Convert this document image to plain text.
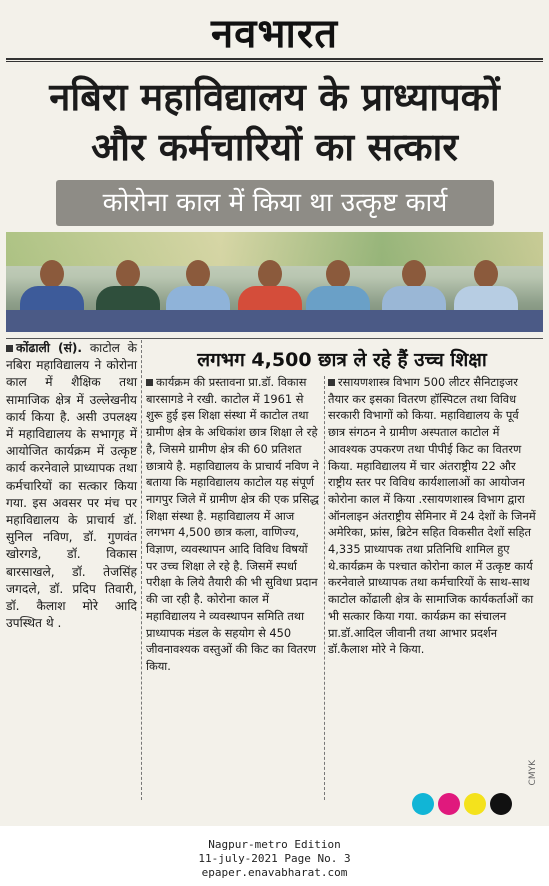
नवभारत
नबिरा महाविद्यालय के प्राध्यापकों
और कर्मचारियों का सत्कार
कोरोना काल में किया था उत्कृष्ट कार्य

कोंढाली (सं). काटोल के नबिरा महाविद्यालय ने कोरोना काल में शैक्षिक तथा सामाजिक क्षेत्र में उल्लेखनीय कार्य किया है. असी उपलक्ष्य में महाविद्यालय के सभागृह में आयोजित कार्यक्रम में उत्कृष्ट कार्य करनेवाले प्राध्यापक तथा कर्मचारियों का सत्कार किया गया. इस अवसर पर मंच पर महाविद्यालय के प्राचार्य डॉ. सुनिल नविण, डॉ. गुणवंत खोरगडे, डॉ. विकास बारसाखले, डॉ. तेजसिंह जगदले, डॉ. प्रदिप तिवारी, डॉ. कैलाश मोरे आदि उपस्थित थे .

लगभग 4,500 छात्र ले रहे हैं उच्च शिक्षा

कार्यक्रम की प्रस्तावना प्रा.डॉ. विकास बारसागडे ने रखी. काटोल में 1961 से शुरू हुई इस शिक्षा संस्था में काटोल तथा ग्रामीण क्षेत्र के अधिकांश छात्र शिक्षा ले रहे है, जिसमे ग्रामीण क्षेत्र की 60 प्रतिशत छात्राये है. महाविद्यालय के प्राचार्य नविण ने बताया कि महाविद्यालय काटोल यह संपूर्ण नागपुर जिले में ग्रामीण क्षेत्र की एक प्रसिद्ध शिक्षा संस्था है. महाविद्यालय में आज लगभग 4,500 छात्र कला, वाणिज्य, विज्ञाण, व्यवस्थापन आदि विविध विषयों पर उच्च शिक्षा ले रहे है. जिसमें स्पर्धा परीक्षा के लिये तैयारी की भी सुविधा प्रदान की जा रही है. कोरोना काल में महाविद्यालय ने व्यवस्थापन समिति तथा प्राध्यापक मंडल के सहयोग से 450 जीवनावश्यक वस्तुओं की किट का वितरण किया.

रसायणशास्त्र विभाग 500 लीटर सैनिटाइजर तैयार कर इसका वितरण हॉस्पिटल तथा विविध सरकारी विभागों को किया. महाविद्यालय के पूर्व छात्र संगठन ने ग्रामीण अस्पताल काटोल में आवश्यक उपकरण तथा पीपीई किट का वितरण किया. महाविद्यालय में चार अंतराष्ट्रीय 22 और राष्ट्रीय स्तर पर विविध कार्यशालाओं का आयोजन कोरोना काल में किया .रसायणशास्त्र विभाग द्वारा ऑनलाइन अंतराष्ट्रीय सेमिनार में 24 देशों के जिनमें अमेरिका, फ्रांस, ब्रिटेन सहित विकसीत देशों सहित 4,335 प्राध्यापक तथा प्रतिनिधि शामिल हुए थे.कार्यक्रम के पश्चात कोरोना काल में उत्कृष्ट कार्य करनेवाले प्राध्यापक तथा कर्मचारियों के साथ-साथ काटोल कोंढाली क्षेत्र के सामाजिक कार्यकर्ताओं का भी सत्कार किया गया. कार्यक्रम का संचालन प्रा.डॉ.आदिल जीवानी तथा आभार प्रदर्शन डॉ.कैलाश मोरे ने किया.

CMYK
Nagpur-metro Edition
11-july-2021 Page No. 3
epaper.enavabharat.com
